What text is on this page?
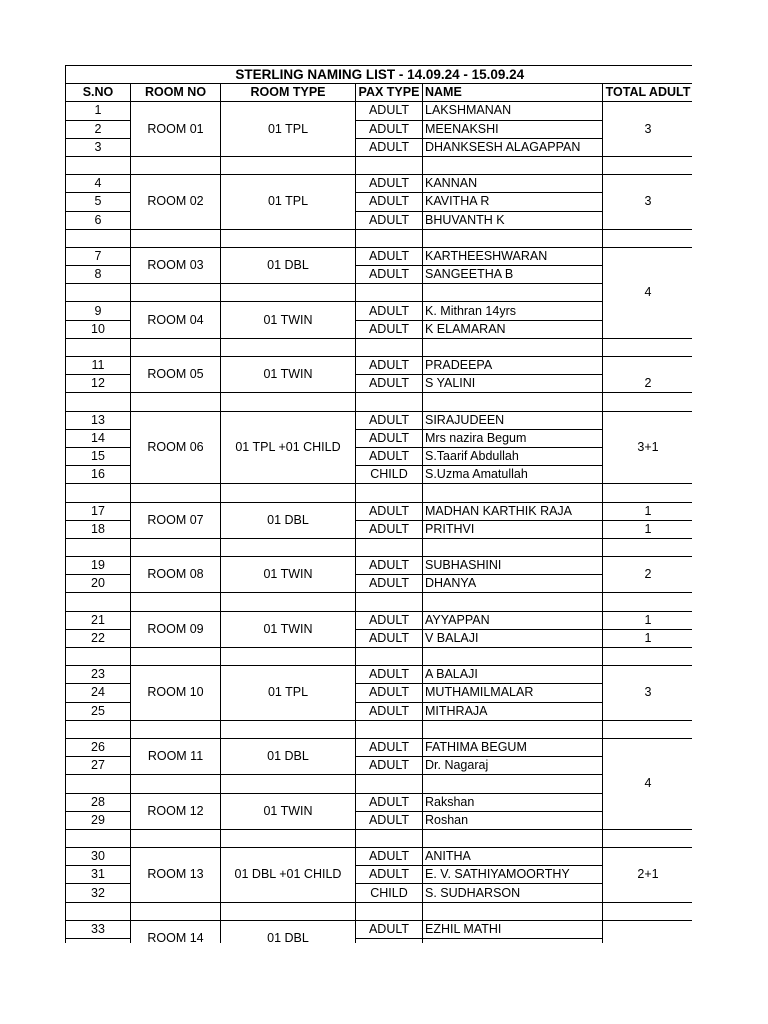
STERLING NAMING LIST - 14.09.24 - 15.09.24					
S.NO	ROOM NO	ROOM TYPE	PAX TYPE	NAME	TOTAL ADULT
1	ROOM 01	01 TPL	ADULT	LAKSHMANAN	3
2			ADULT	MEENAKSHI	
3			ADULT	DHANKSESH ALAGAPPAN	

4	ROOM 02	01 TPL	ADULT	KANNAN	3
5			ADULT	KAVITHA R	
6			ADULT	BHUVANTH K	

7	ROOM 03	01 DBL	ADULT	KARTHEESHWARAN	4
8			ADULT	SANGEETHA B	

9	ROOM 04	01 TWIN	ADULT	K. Mithran 14yrs	
10			ADULT	K ELAMARAN	

11	ROOM 05	01 TWIN	ADULT	PRADEEPA	2
12			ADULT	S YALINI	

13	ROOM 06	01 TPL +01 CHILD	ADULT	SIRAJUDEEN	3+1
14			ADULT	Mrs nazira Begum	
15			ADULT	S.Taarif Abdullah	
16			CHILD	S.Uzma Amatullah	

17	ROOM 07	01 DBL	ADULT	MADHAN KARTHIK RAJA	1
18			ADULT	PRITHVI	1

19	ROOM 08	01 TWIN	ADULT	SUBHASHINI	2
20			ADULT	DHANYA	

21	ROOM 09	01 TWIN	ADULT	AYYAPPAN	1
22			ADULT	V BALAJI	1

23	ROOM 10	01 TPL	ADULT	A BALAJI	3
24			ADULT	MUTHAMILMALAR	
25			ADULT	MITHRAJA	

26	ROOM 11	01 DBL	ADULT	FATHIMA BEGUM	4
27			ADULT	Dr. Nagaraj	

28	ROOM 12	01 TWIN	ADULT	Rakshan	
29			ADULT	Roshan	

30	ROOM 13	01 DBL +01 CHILD	ADULT	ANITHA	2+1
31			ADULT	E. V. SATHIYAMOORTHY	
32			CHILD	S. SUDHARSON	

33	ROOM 14	01 DBL	ADULT	EZHIL MATHI	
